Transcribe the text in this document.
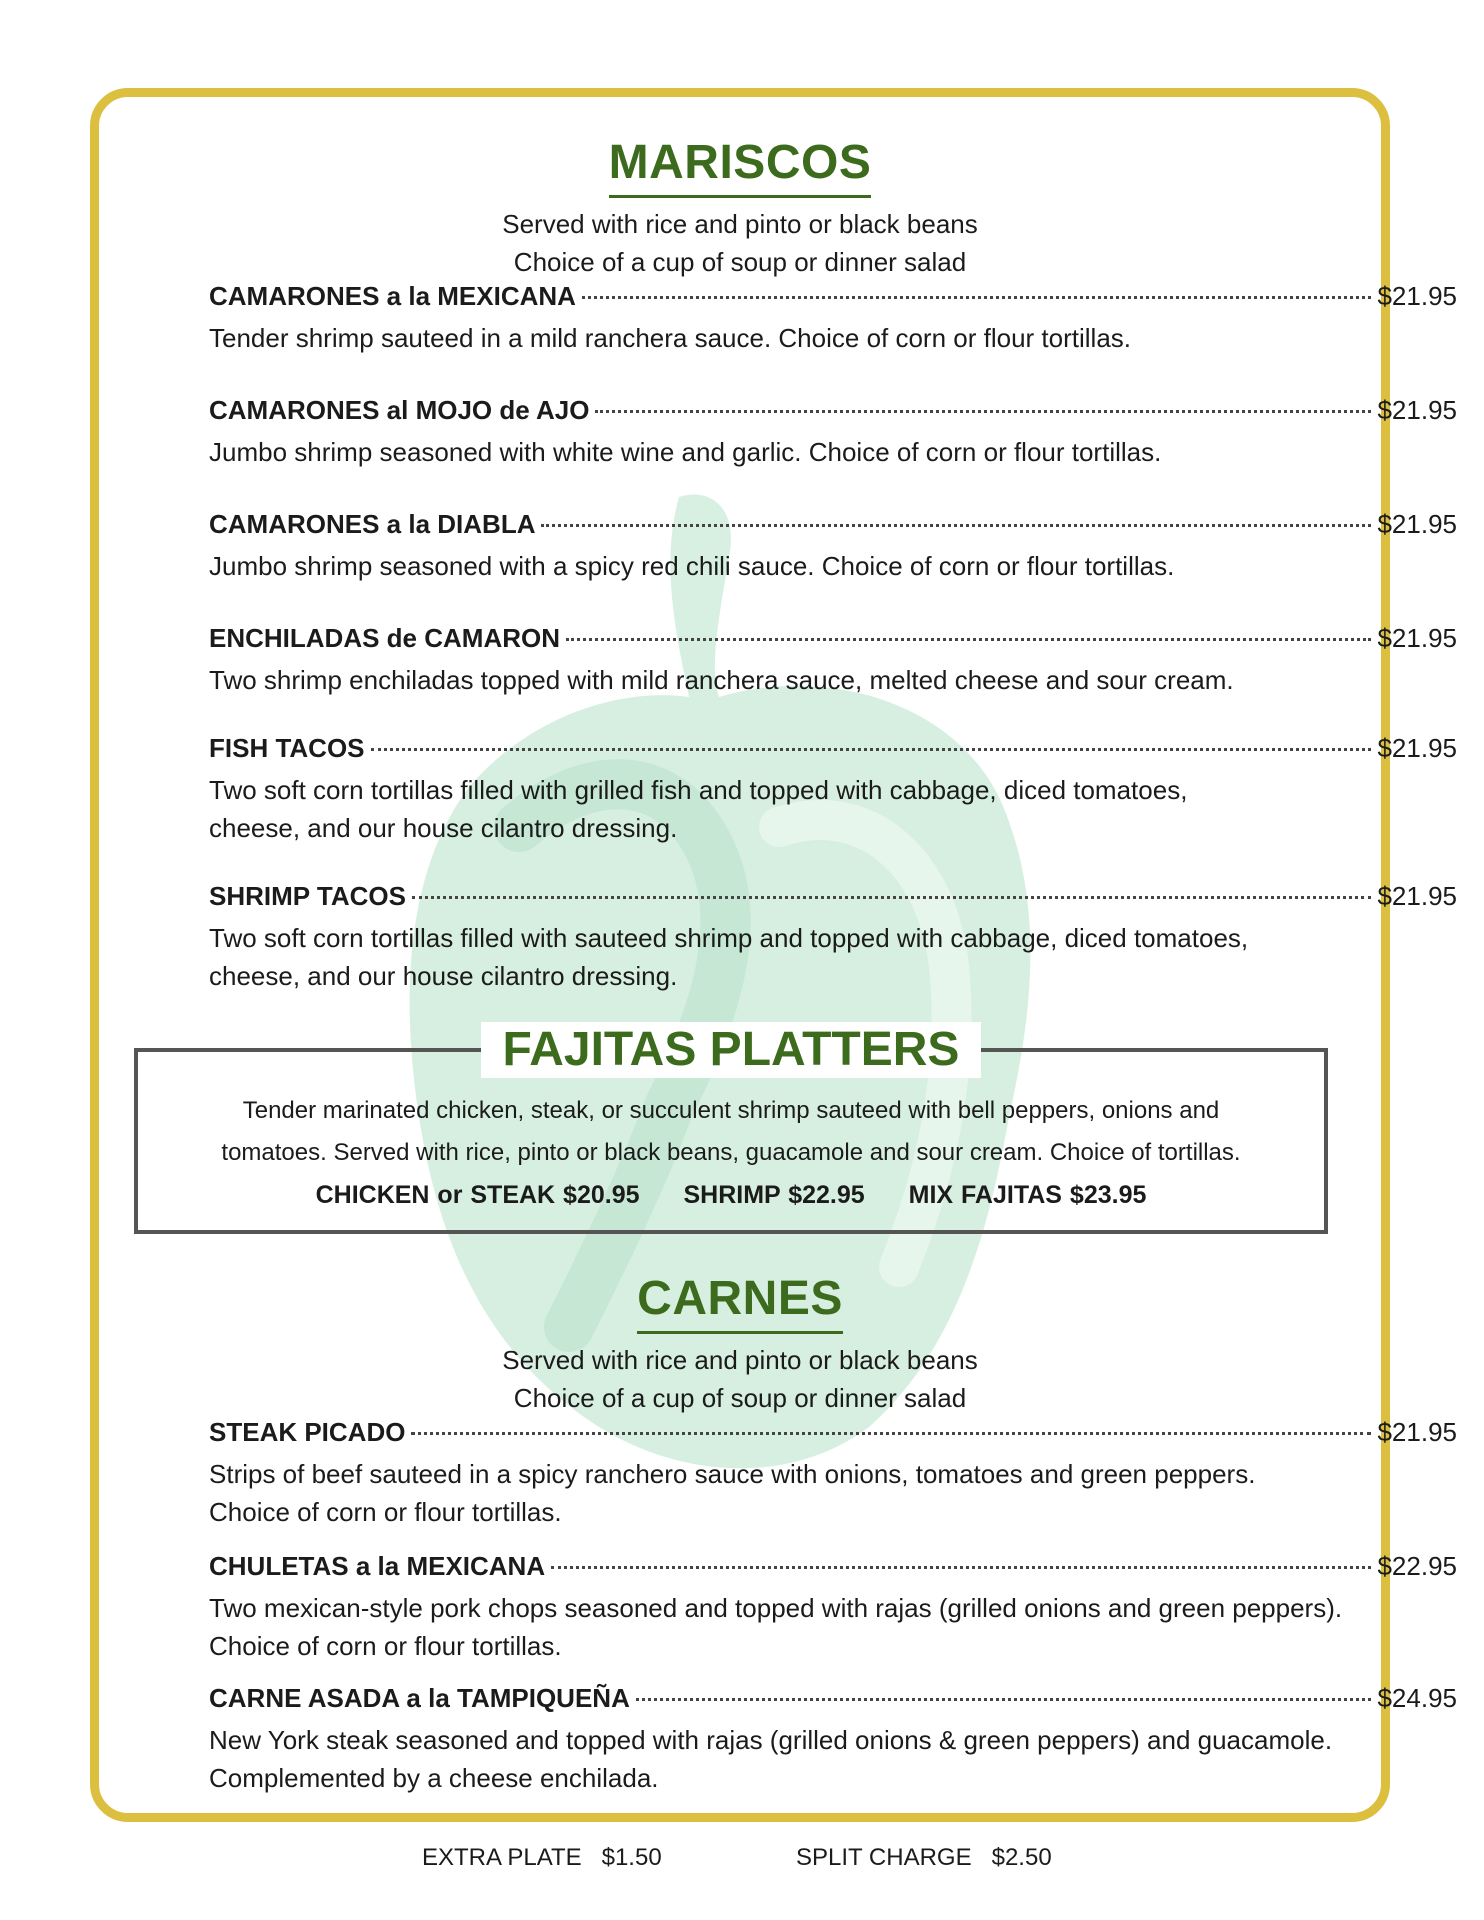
MARISCOS
Served with rice and pinto or black beans
Choice of a cup of soup or dinner salad
CAMARONES a la MEXICANA	$21.95
Tender shrimp sauteed in a mild ranchera sauce. Choice of corn or flour tortillas.
CAMARONES al MOJO de AJO	$21.95
Jumbo shrimp seasoned with white wine and garlic. Choice of corn or flour tortillas.
CAMARONES a la DIABLA	$21.95
Jumbo shrimp seasoned with a spicy red chili sauce. Choice of corn or flour tortillas.
ENCHILADAS de CAMARON	$21.95
Two shrimp enchiladas topped with mild ranchera sauce, melted cheese and sour cream.
FISH TACOS	$21.95
Two soft corn tortillas filled with grilled fish and topped with cabbage, diced tomatoes,
cheese, and our house cilantro dressing.
SHRIMP TACOS	$21.95
Two soft corn tortillas filled with sauteed shrimp and topped with cabbage, diced tomatoes,
cheese, and our house cilantro dressing.
CARNES
Served with rice and pinto or black beans
Choice of a cup of soup or dinner salad
STEAK PICADO	$21.95
Strips of beef sauteed in a spicy ranchero sauce with onions, tomatoes and green peppers.
Choice of corn or flour tortillas.
CHULETAS a la MEXICANA	$22.95
Two mexican-style pork chops seasoned and topped with rajas (grilled onions and green peppers).
Choice of corn or flour tortillas.
CARNE ASADA a la TAMPIQUEÑA	$24.95
New York steak seasoned and topped with rajas (grilled onions & green peppers) and guacamole.
Complemented by a cheese enchilada.
FAJITAS PLATTERS
Tender marinated chicken, steak, or succulent shrimp sauteed with bell peppers, onions and
tomatoes. Served with rice, pinto or black beans, guacamole and sour cream. Choice of tortillas.
CHICKEN or STEAK $20.95 SHRIMP $22.95 MIX FAJITAS $23.95
EXTRA PLATE   $1.50	SPLIT CHARGE   $2.50
